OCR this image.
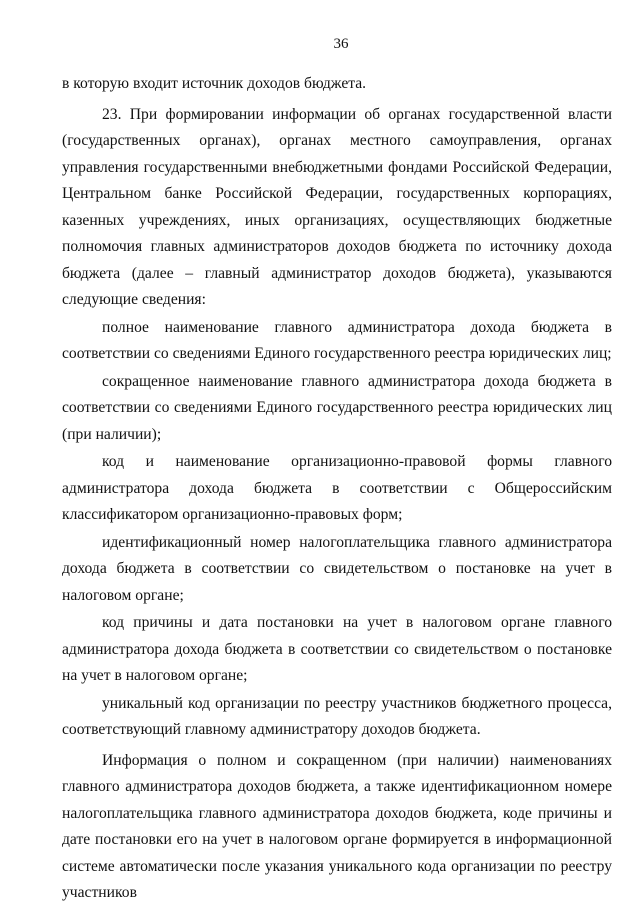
36

в которую входит источник доходов бюджета.

23. При формировании информации об органах государственной власти (государственных органах), органах местного самоуправления, органах управления государственными внебюджетными фондами Российской Федерации, Центральном банке Российской Федерации, государственных корпорациях, казенных учреждениях, иных организациях, осуществляющих бюджетные полномочия главных администраторов доходов бюджета по источнику дохода бюджета (далее – главный администратор доходов бюджета), указываются следующие сведения:

полное наименование главного администратора дохода бюджета в соответствии со сведениями Единого государственного реестра юридических лиц;

сокращенное наименование главного администратора дохода бюджета в соответствии со сведениями Единого государственного реестра юридических лиц (при наличии);

код и наименование организационно-правовой формы главного администратора дохода бюджета в соответствии с Общероссийским классификатором организационно-правовых форм;

идентификационный номер налогоплательщика главного администратора дохода бюджета в соответствии со свидетельством о постановке на учет в налоговом органе;

код причины и дата постановки на учет в налоговом органе главного администратора дохода бюджета в соответствии со свидетельством о постановке на учет в налоговом органе;

уникальный код организации по реестру участников бюджетного процесса, соответствующий главному администратору доходов бюджета.

Информация о полном и сокращенном (при наличии) наименованиях главного администратора доходов бюджета, а также идентификационном номере налогоплательщика главного администратора доходов бюджета, коде причины и дате постановки его на учет в налоговом органе формируется в информационной системе автоматически после указания уникального кода организации по реестру участников
